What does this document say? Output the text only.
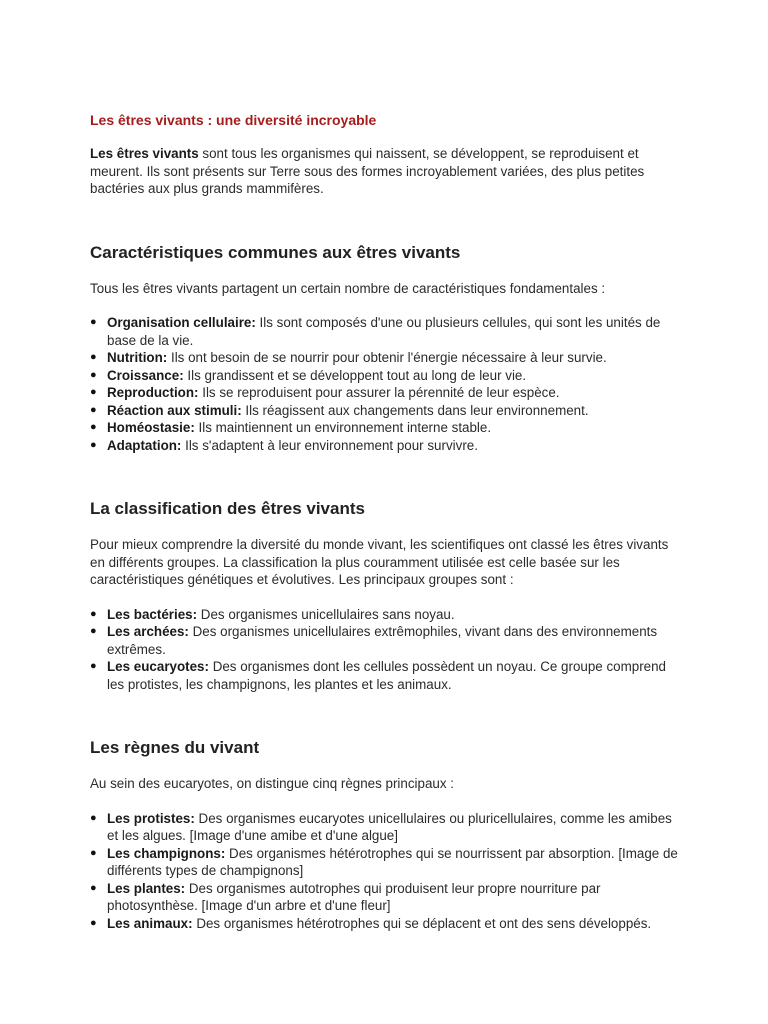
Les êtres vivants : une diversité incroyable

Les êtres vivants sont tous les organismes qui naissent, se développent, se reproduisent et meurent. Ils sont présents sur Terre sous des formes incroyablement variées, des plus petites bactéries aux plus grands mammifères.

Caractéristiques communes aux êtres vivants

Tous les êtres vivants partagent un certain nombre de caractéristiques fondamentales :

● Organisation cellulaire: Ils sont composés d'une ou plusieurs cellules, qui sont les unités de base de la vie.
● Nutrition: Ils ont besoin de se nourrir pour obtenir l'énergie nécessaire à leur survie.
● Croissance: Ils grandissent et se développent tout au long de leur vie.
● Reproduction: Ils se reproduisent pour assurer la pérennité de leur espèce.
● Réaction aux stimuli: Ils réagissent aux changements dans leur environnement.
● Homéostasie: Ils maintiennent un environnement interne stable.
● Adaptation: Ils s'adaptent à leur environnement pour survivre.
La classification des êtres vivants

Pour mieux comprendre la diversité du monde vivant, les scientifiques ont classé les êtres vivants en différents groupes. La classification la plus couramment utilisée est celle basée sur les caractéristiques génétiques et évolutives. Les principaux groupes sont :

● Les bactéries: Des organismes unicellulaires sans noyau.
● Les archées: Des organismes unicellulaires extrêmophiles, vivant dans des environnements extrêmes.
● Les eucaryotes: Des organismes dont les cellules possèdent un noyau. Ce groupe comprend les protistes, les champignons, les plantes et les animaux.
Les règnes du vivant

Au sein des eucaryotes, on distingue cinq règnes principaux :

● Les protistes: Des organismes eucaryotes unicellulaires ou pluricellulaires, comme les amibes et les algues. [Image d'une amibe et d'une algue]
● Les champignons: Des organismes hétérotrophes qui se nourrissent par absorption. [Image de différents types de champignons]
● Les plantes: Des organismes autotrophes qui produisent leur propre nourriture par photosynthèse. [Image d'un arbre et d'une fleur]
● Les animaux: Des organismes hétérotrophes qui se déplacent et ont des sens développés.
